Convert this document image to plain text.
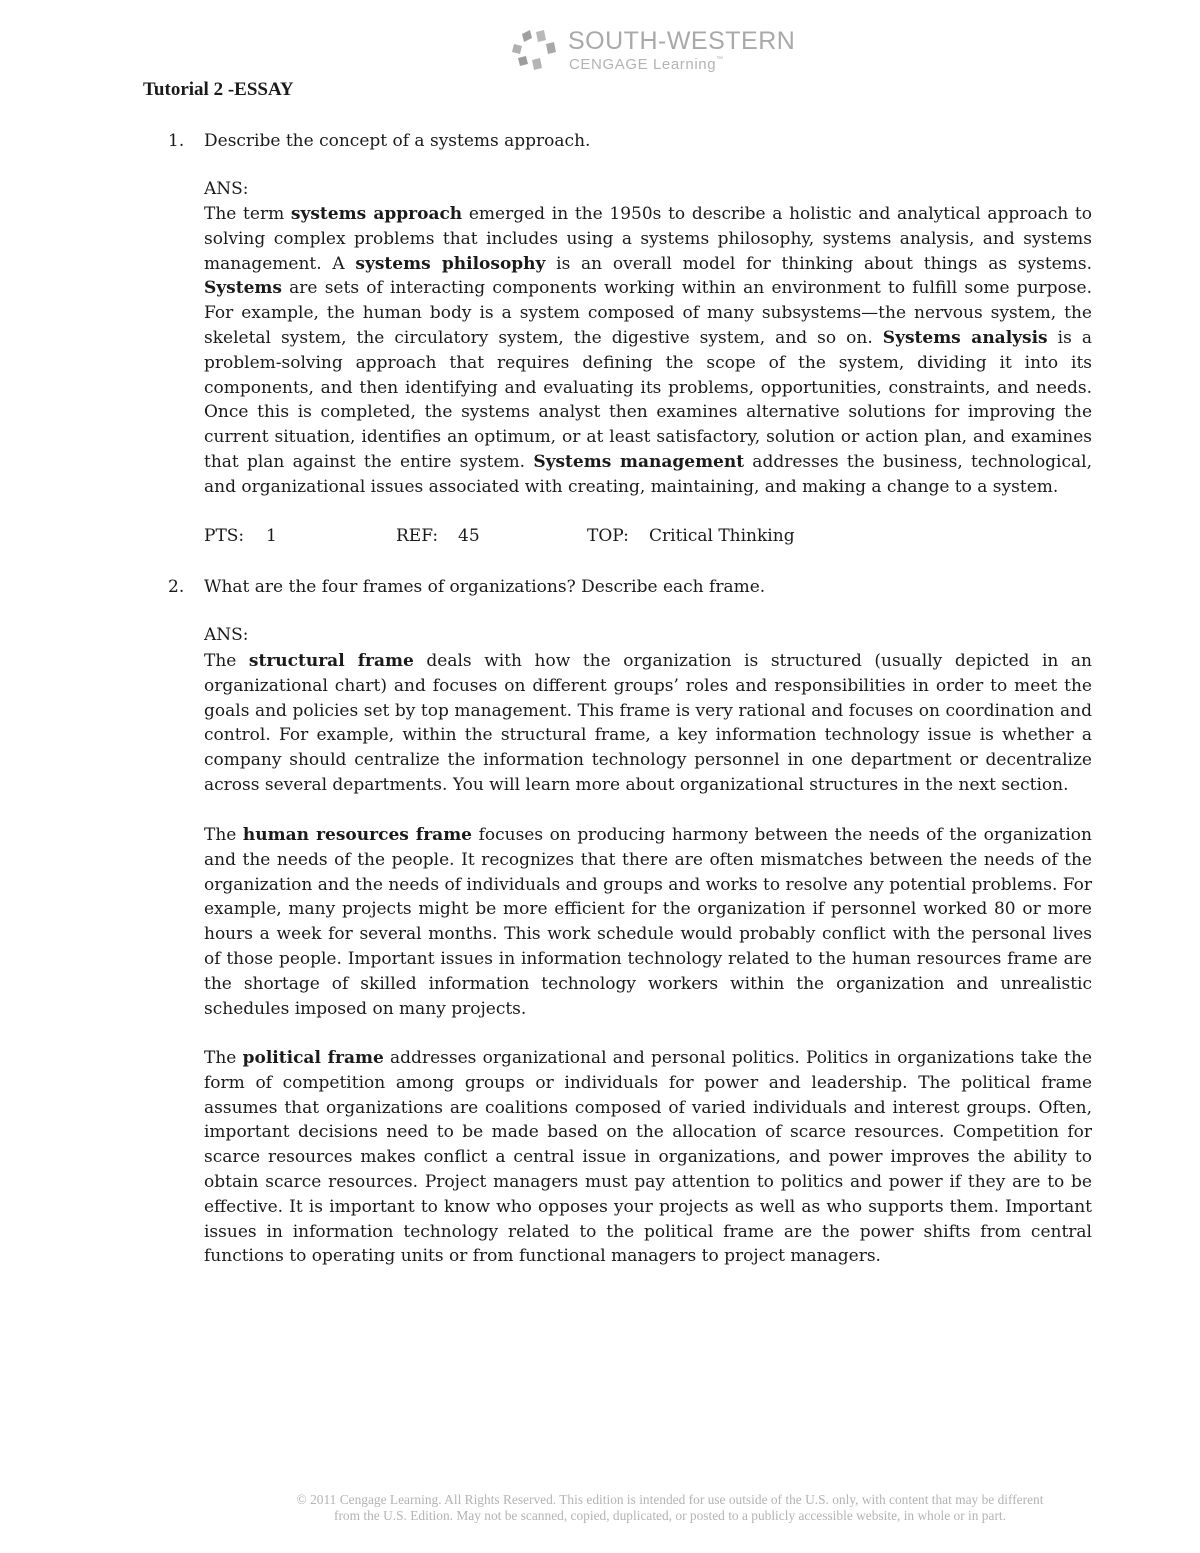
SOUTH-WESTERN
CENGAGE Learning™
Tutorial 2 -ESSAY
1. Describe the concept of a systems approach.
ANS:
The term systems approach emerged in the 1950s to describe a holistic and analytical approach to solving complex problems that includes using a systems philosophy, systems analysis, and systems management. A systems philosophy is an overall model for thinking about things as systems. Systems are sets of interacting components working within an environment to fulfill some purpose. For example, the human body is a system composed of many subsystems—the nervous system, the skeletal system, the circulatory system, the digestive system, and so on. Systems analysis is a problem-solving approach that requires defining the scope of the system, dividing it into its components, and then identifying and evaluating its problems, opportunities, constraints, and needs. Once this is completed, the systems analyst then examines alternative solutions for improving the current situation, identifies an optimum, or at least satisfactory, solution or action plan, and examines that plan against the entire system. Systems management addresses the business, technological, and organizational issues associated with creating, maintaining, and making a change to a system.
PTS: 1	REF: 45	TOP: Critical Thinking
2. What are the four frames of organizations? Describe each frame.
ANS:
The structural frame deals with how the organization is structured (usually depicted in an organizational chart) and focuses on different groups’ roles and responsibilities in order to meet the goals and policies set by top management. This frame is very rational and focuses on coordination and control. For example, within the structural frame, a key information technology issue is whether a company should centralize the information technology personnel in one department or decentralize across several departments. You will learn more about organizational structures in the next section.
The human resources frame focuses on producing harmony between the needs of the organization and the needs of the people. It recognizes that there are often mismatches between the needs of the organization and the needs of individuals and groups and works to resolve any potential problems. For example, many projects might be more efficient for the organization if personnel worked 80 or more hours a week for several months. This work schedule would probably conflict with the personal lives of those people. Important issues in information technology related to the human resources frame are the shortage of skilled information technology workers within the organization and unrealistic schedules imposed on many projects.
The political frame addresses organizational and personal politics. Politics in organizations take the form of competition among groups or individuals for power and leadership. The political frame assumes that organizations are coalitions composed of varied individuals and interest groups. Often, important decisions need to be made based on the allocation of scarce resources. Competition for scarce resources makes conflict a central issue in organizations, and power improves the ability to obtain scarce resources. Project managers must pay attention to politics and power if they are to be effective. It is important to know who opposes your projects as well as who supports them. Important issues in information technology related to the political frame are the power shifts from central functions to operating units or from functional managers to project managers.
© 2011 Cengage Learning. All Rights Reserved. This edition is intended for use outside of the U.S. only, with content that may be different
from the U.S. Edition. May not be scanned, copied, duplicated, or posted to a publicly accessible website, in whole or in part.
